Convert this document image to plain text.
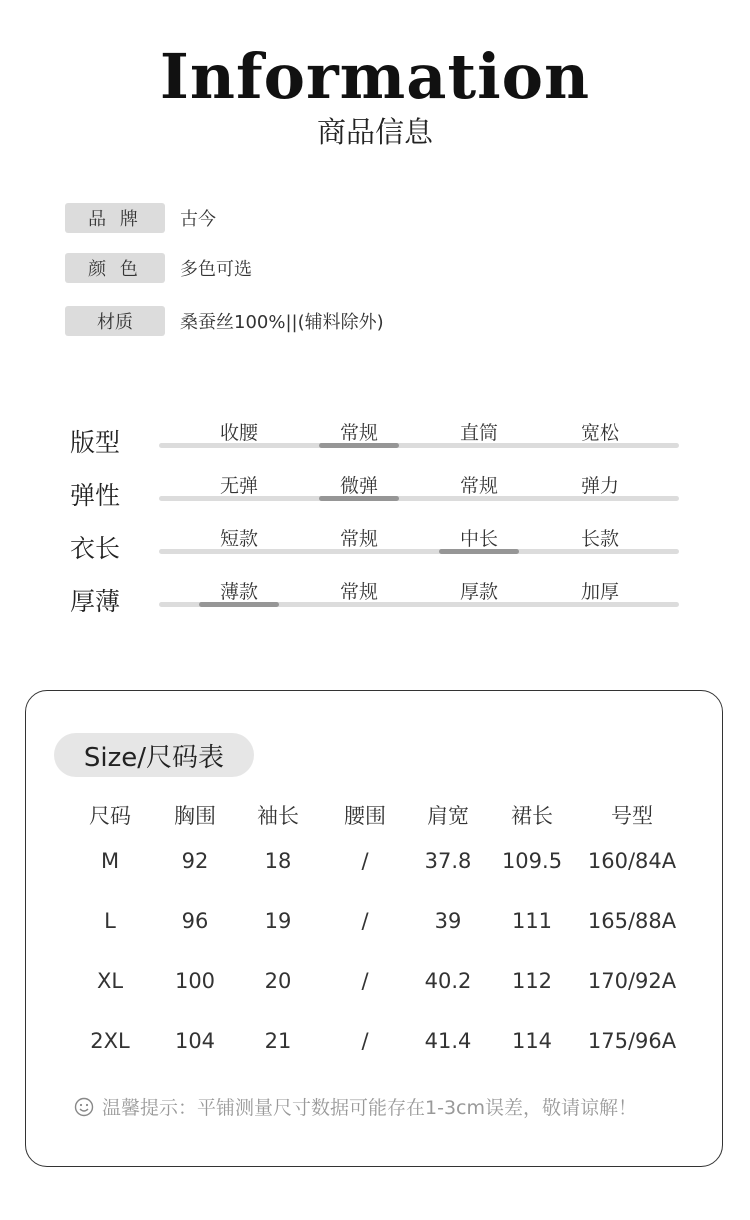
Information
商品信息
品 牌	古今
颜 色	多色可选
材质	桑蚕丝100%||(辅料除外)
版型	收腰	常规	直筒	宽松
弹性	无弹	微弹	常规	弹力
衣长	短款	常规	中长	长款
厚薄	薄款	常规	厚款	加厚
Size/尺码表
尺码	胸围	袖长	腰围	肩宽	裙长	号型
M	92	18	/	37.8	109.5	160/84A
L	96	19	/	39	111	165/88A
XL	100	20	/	40.2	112	170/92A
2XL	104	21	/	41.4	114	175/96A
温馨提示：平铺测量尺寸数据可能存在1-3cm误差，敬请谅解！
